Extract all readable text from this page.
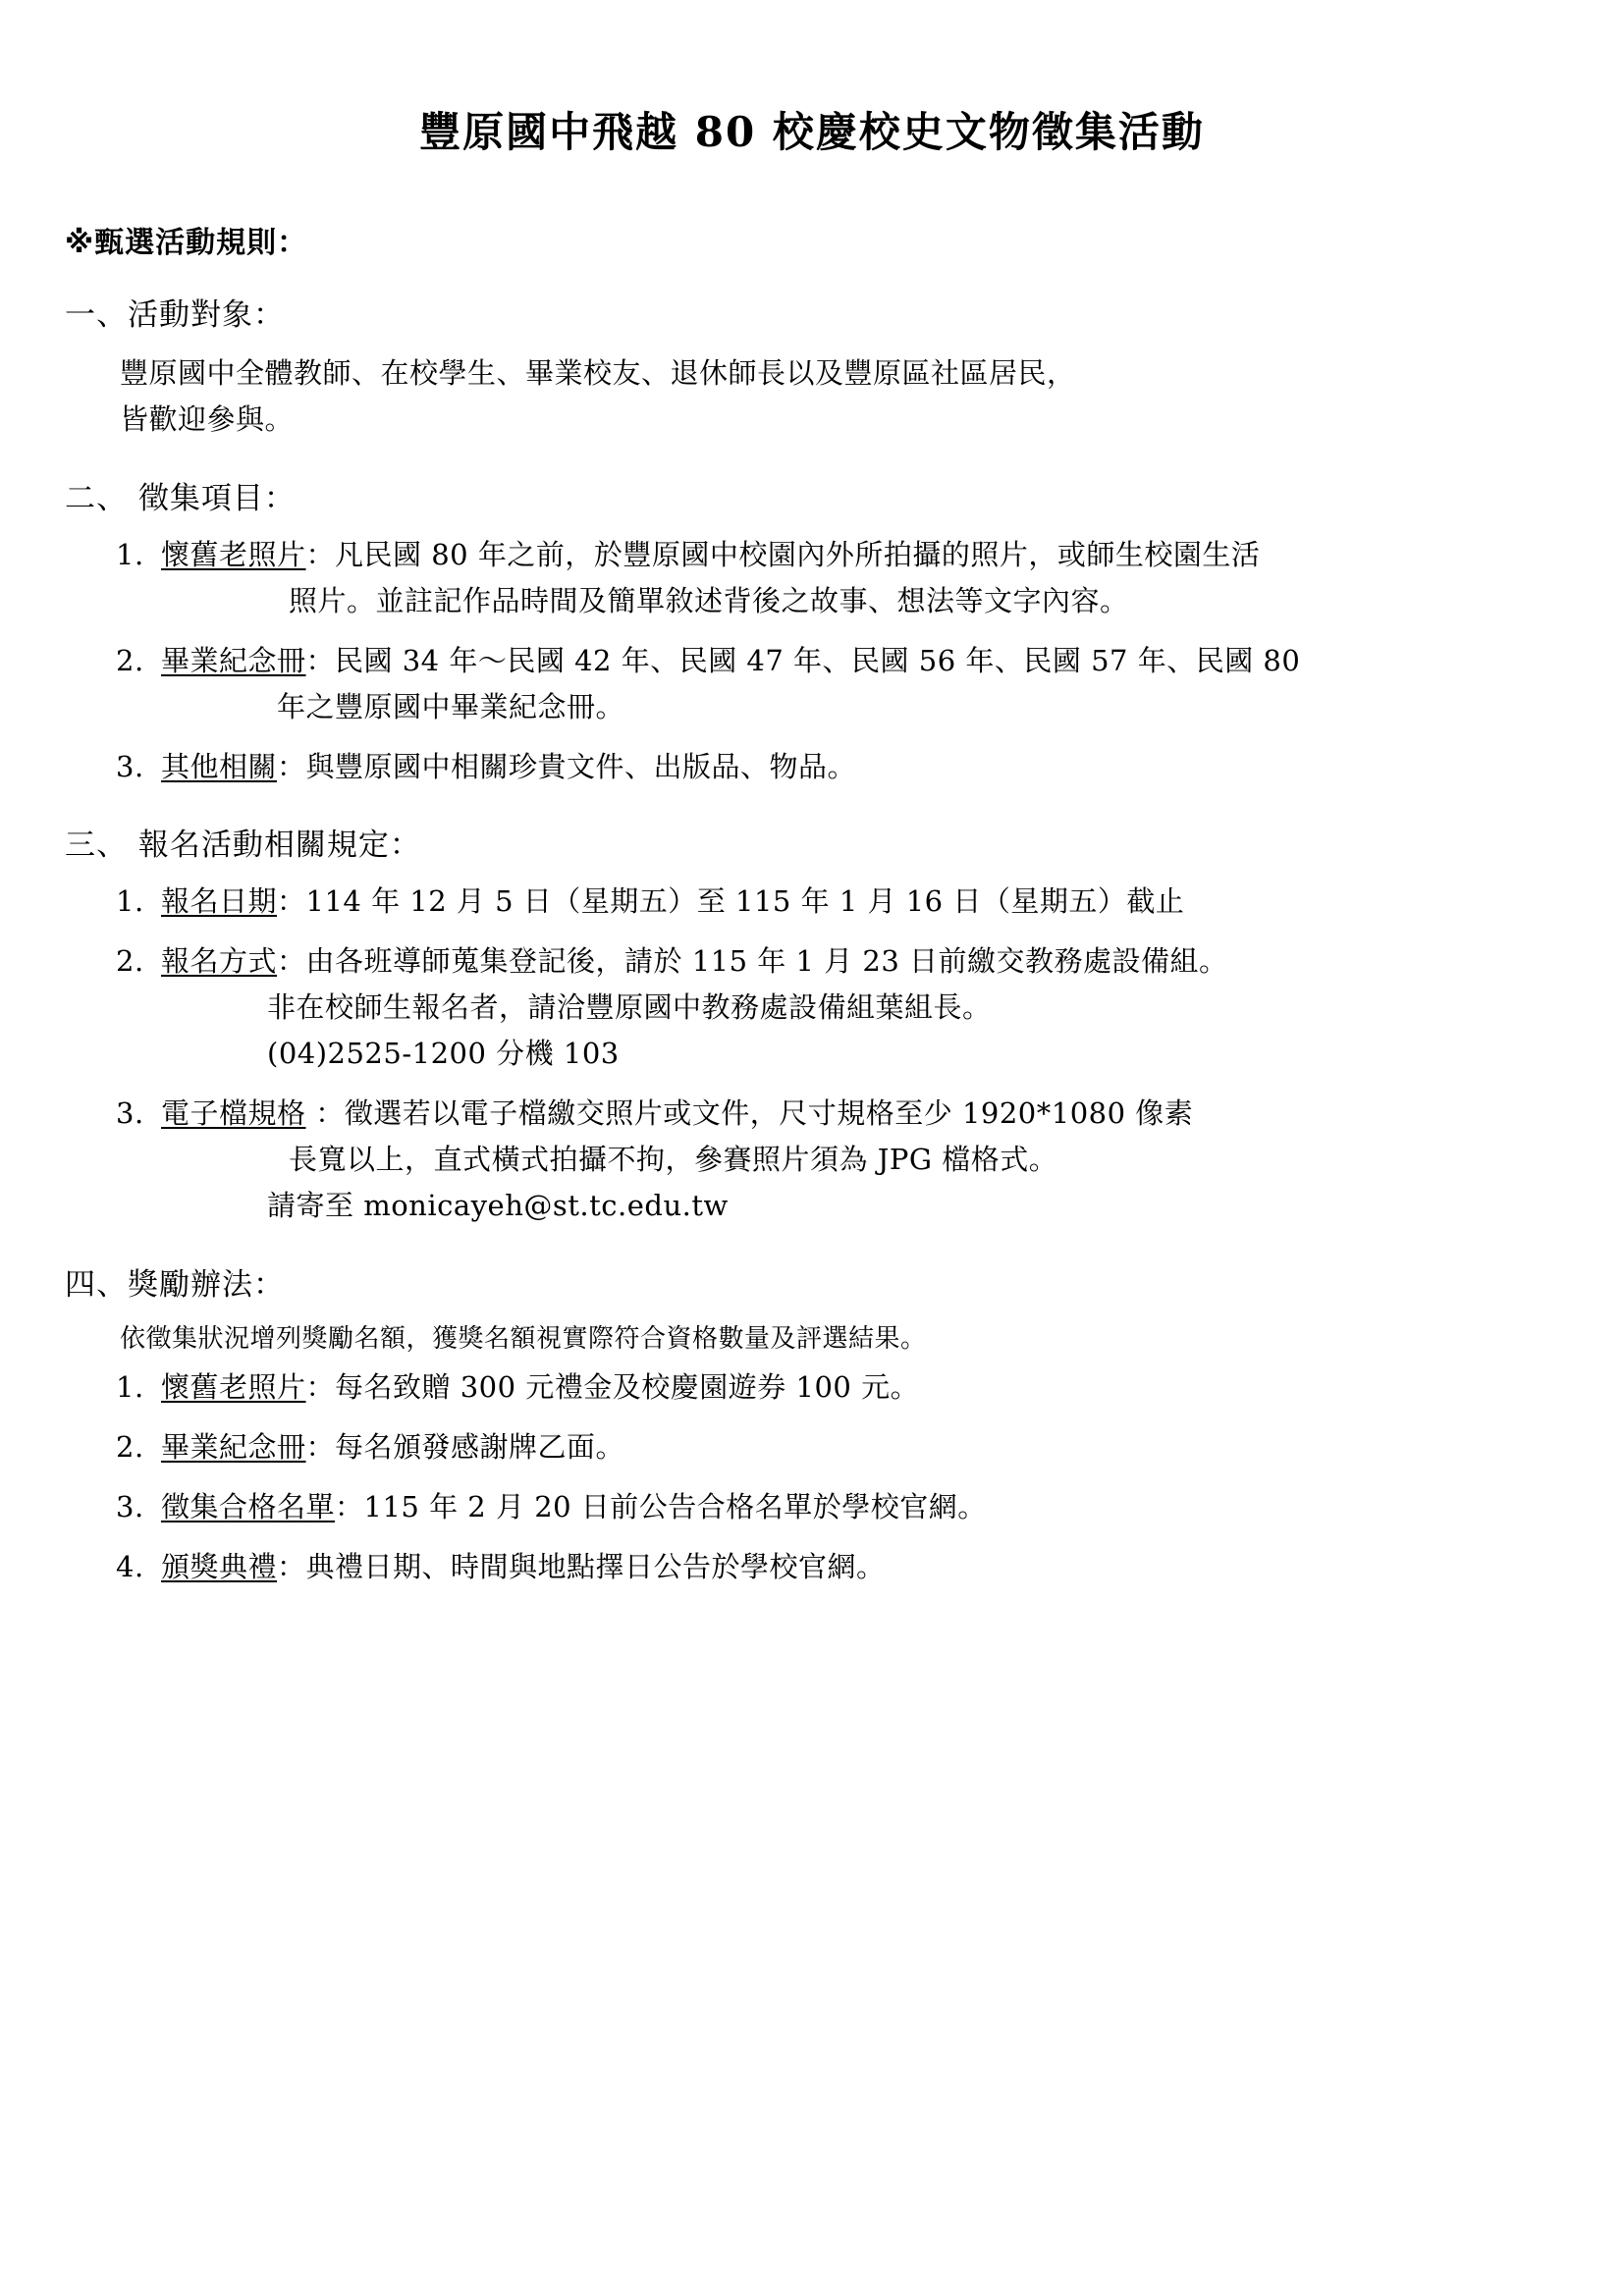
豐原國中飛越 80 校慶校史文物徵集活動
※甄選活動規則：
一、活動對象：
豐原國中全體教師、在校學生、畢業校友、退休師長以及豐原區社區居民，
皆歡迎參與。
二、 徵集項目：
1. 懷舊老照片：凡民國 80 年之前，於豐原國中校園內外所拍攝的照片，或師生校園生活
照片。並註記作品時間及簡單敘述背後之故事、想法等文字內容。
2. 畢業紀念冊：民國 34 年～民國 42 年、民國 47 年、民國 56 年、民國 57 年、民國 80
年之豐原國中畢業紀念冊。
3. 其他相關：與豐原國中相關珍貴文件、出版品、物品。
三、 報名活動相關規定：
1. 報名日期：114 年 12 月 5 日（星期五）至 115 年 1 月 16 日（星期五）截止
2. 報名方式：由各班導師蒐集登記後，請於 115 年 1 月 23 日前繳交教務處設備組。
非在校師生報名者，請洽豐原國中教務處設備組葉組長。
(04)2525-1200 分機 103
3. 電子檔規格 ：徵選若以電子檔繳交照片或文件，尺寸規格至少 1920*1080 像素
長寬以上，直式橫式拍攝不拘，參賽照片須為 JPG 檔格式。
請寄至 monicayeh@st.tc.edu.tw
四、獎勵辦法：
依徵集狀況增列獎勵名額，獲獎名額視實際符合資格數量及評選結果。
1. 懷舊老照片：每名致贈 300 元禮金及校慶園遊券 100 元。
2. 畢業紀念冊：每名頒發感謝牌乙面。
3. 徵集合格名單：115 年 2 月 20 日前公告合格名單於學校官網。
4. 頒獎典禮：典禮日期、時間與地點擇日公告於學校官網。
